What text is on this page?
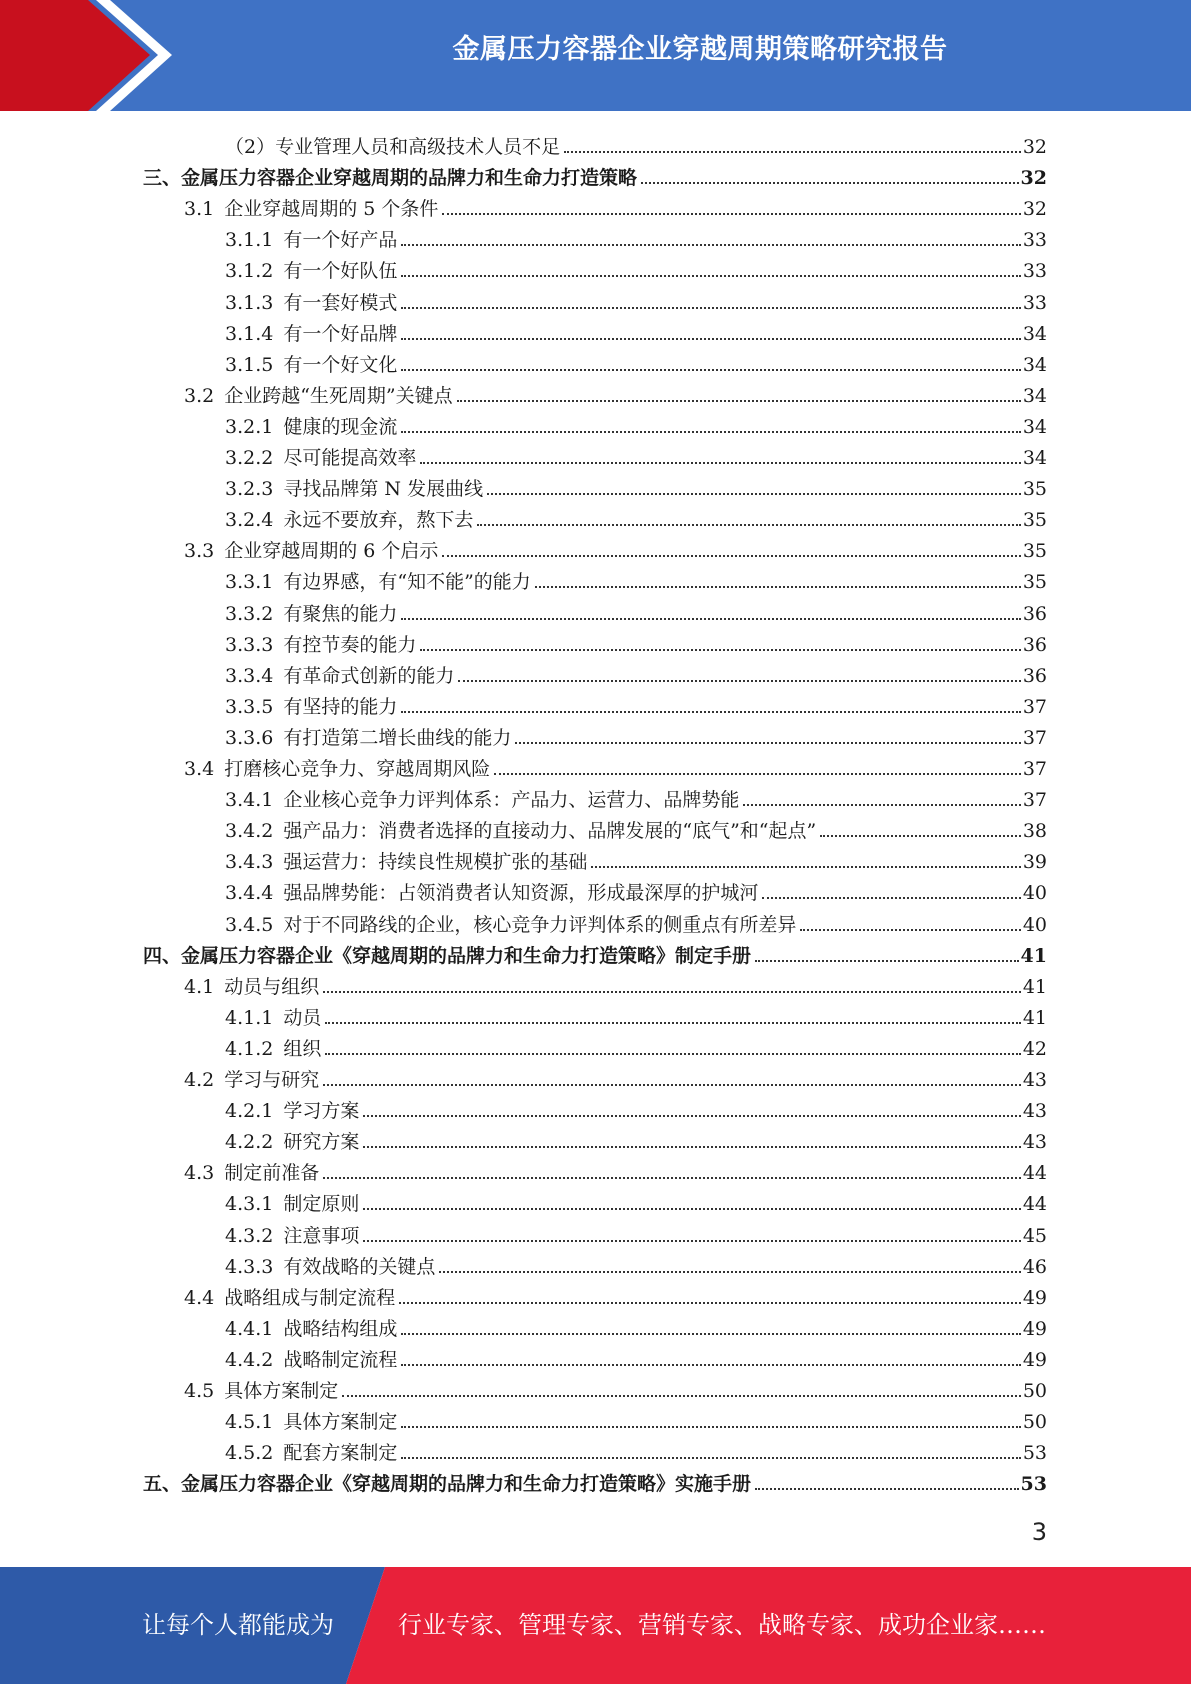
金属压力容器企业穿越周期策略研究报告
（2）专业管理人员和高级技术人员不足	32
三、金属压力容器企业穿越周期的品牌力和生命力打造策略	32
3.1 企业穿越周期的 5 个条件	32
3.1.1 有一个好产品	33
3.1.2 有一个好队伍	33
3.1.3 有一套好模式	33
3.1.4 有一个好品牌	34
3.1.5 有一个好文化	34
3.2 企业跨越“生死周期”关键点	34
3.2.1 健康的现金流	34
3.2.2 尽可能提高效率	34
3.2.3 寻找品牌第 N 发展曲线	35
3.2.4 永远不要放弃，熬下去	35
3.3 企业穿越周期的 6 个启示	35
3.3.1 有边界感，有“知不能”的能力	35
3.3.2 有聚焦的能力	36
3.3.3 有控节奏的能力	36
3.3.4 有革命式创新的能力	36
3.3.5 有坚持的能力	37
3.3.6 有打造第二增长曲线的能力	37
3.4 打磨核心竞争力、穿越周期风险	37
3.4.1 企业核心竞争力评判体系：产品力、运营力、品牌势能	37
3.4.2 强产品力：消费者选择的直接动力、品牌发展的“底气”和“起点”	38
3.4.3 强运营力：持续良性规模扩张的基础	39
3.4.4 强品牌势能：占领消费者认知资源，形成最深厚的护城河	40
3.4.5 对于不同路线的企业，核心竞争力评判体系的侧重点有所差异	40
四、金属压力容器企业《穿越周期的品牌力和生命力打造策略》制定手册	41
4.1 动员与组织	41
4.1.1 动员	41
4.1.2 组织	42
4.2 学习与研究	43
4.2.1 学习方案	43
4.2.2 研究方案	43
4.3 制定前准备	44
4.3.1 制定原则	44
4.3.2 注意事项	45
4.3.3 有效战略的关键点	46
4.4 战略组成与制定流程	49
4.4.1 战略结构组成	49
4.4.2 战略制定流程	49
4.5 具体方案制定	50
4.5.1 具体方案制定	50
4.5.2 配套方案制定	53
五、金属压力容器企业《穿越周期的品牌力和生命力打造策略》实施手册	53
3
让每个人都能成为	行业专家、管理专家、营销专家、战略专家、成功企业家……
